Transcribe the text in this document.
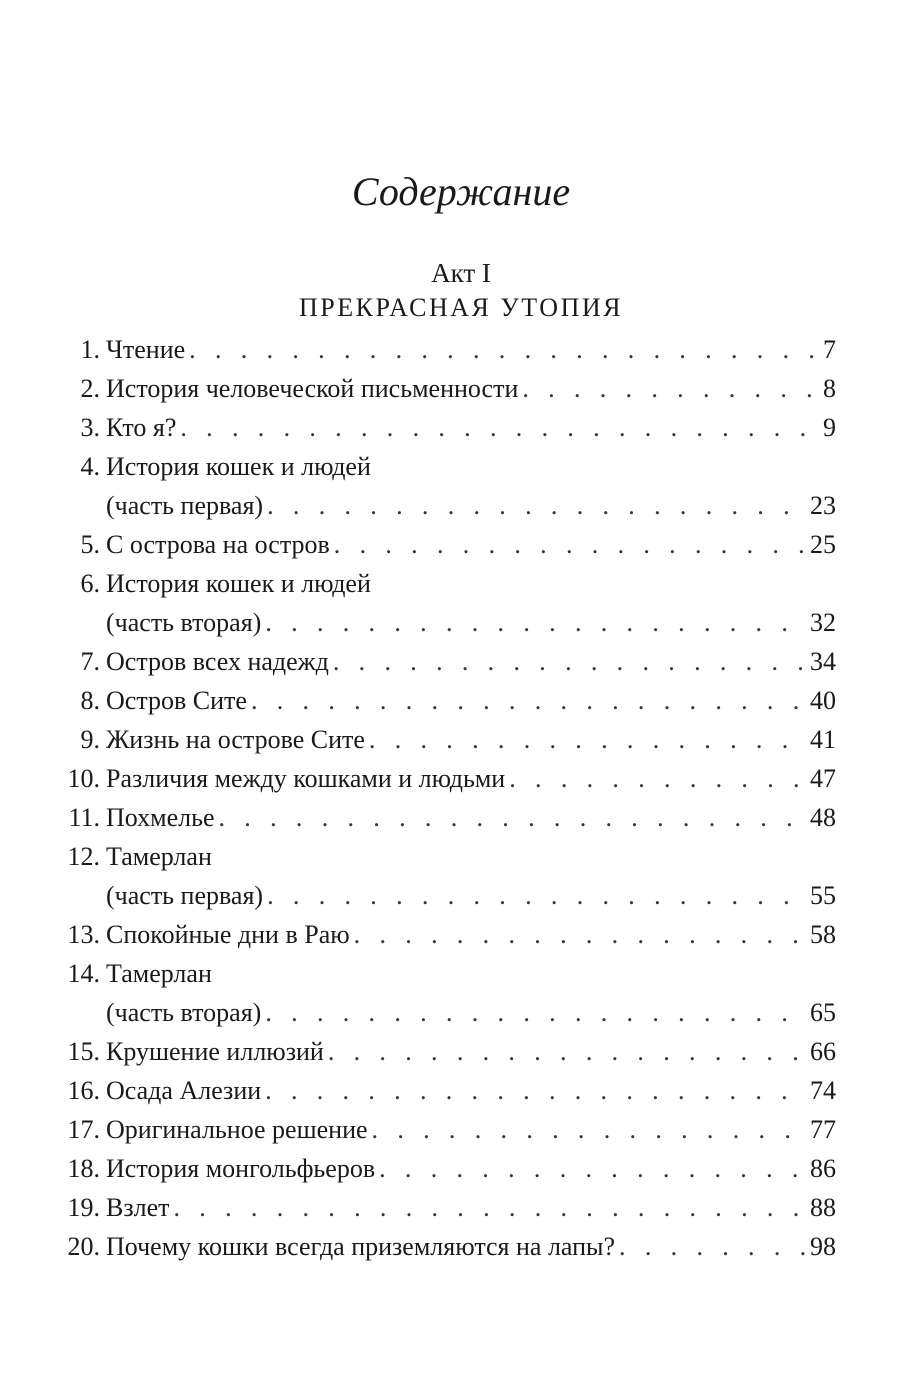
Содержание
Акт I
ПРЕКРАСНАЯ УТОПИЯ
1. Чтение . . .	7
2. История человеческой письменности . . .	8
3. Кто я? . . .	9
4. История кошек и людей
(часть первая) . . .	23
5. С острова на остров . . .	25
6. История кошек и людей
(часть вторая) . . .	32
7. Остров всех надежд . . .	34
8. Остров Сите . . .	40
9. Жизнь на острове Сите . . .	41
10. Различия между кошками и людьми . . .	47
11. Похмелье . . .	48
12. Тамерлан
(часть первая) . . .	55
13. Спокойные дни в Раю . . .	58
14. Тамерлан
(часть вторая) . . .	65
15. Крушение иллюзий . . .	66
16. Осада Алезии . . .	74
17. Оригинальное решение . . .	77
18. История монгольфьеров . . .	86
19. Взлет . . .	88
20. Почему кошки всегда приземляются на лапы? . . .	98
